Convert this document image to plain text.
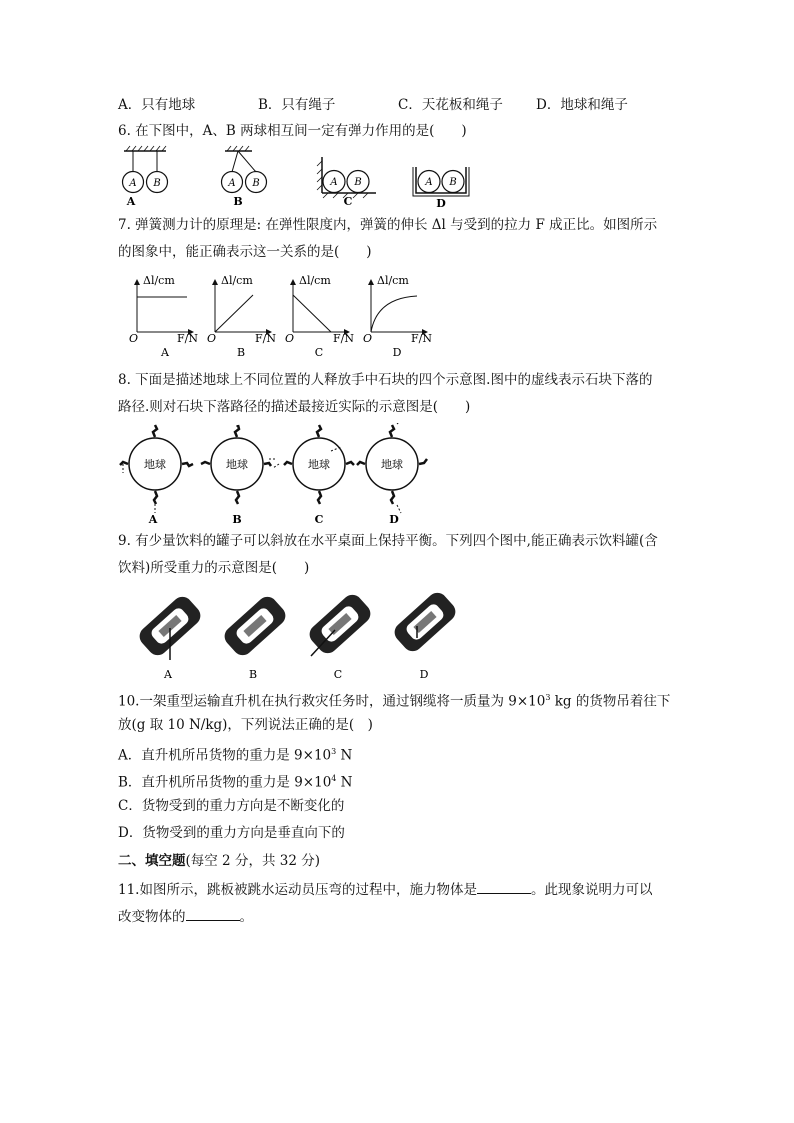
A．只有地球	B．只有绳子	C．天花板和绳子 D．地球和绳子
6. 在下图中，A、B 两球相互间一定有弹力作用的是(　　)
A B
A
A B
B
A B
C
A B
D
7. 弹簧测力计的原理是: 在弹性限度内，弹簧的伸长 Δl 与受到的拉力 F 成正比。如图所示
的图象中，能正确表示这一关系的是(　　)
Δl/cm
O	F/N
A
Δl/cm
O	F/N
B
Δl/cm
O	F/N
C
Δl/cm
O	F/N
D
8. 下面是描述地球上不同位置的人释放手中石块的四个示意图.图中的虚线表示石块下落的
路径.则对石块下落路径的描述最接近实际的示意图是(　　)
地球
A
地球
B
地球
C
地球
D
9. 有少量饮料的罐子可以斜放在水平桌面上保持平衡。下列四个图中,能正确表示饮料罐(含
饮料)所受重力的示意图是(　　)
A	B	C	D
10.一架重型运输直升机在执行救灾任务时，通过钢缆将一质量为 $9\times 10^3$ kg 的货物吊着往下
放(g 取 10 N/kg)，下列说法正确的是(　)
A．直升机所吊货物的重力是 $9\times 10^3$ N
B．直升机所吊货物的重力是 $9\times 10^4$ N
C．货物受到的重力方向是不断变化的
D．货物受到的重力方向是垂直向下的
二、填空题(每空 2 分，共 32 分)
11.如图所示，跳板被跳水运动员压弯的过程中，施力物体是	。此现象说明力可以
改变物体的	。
